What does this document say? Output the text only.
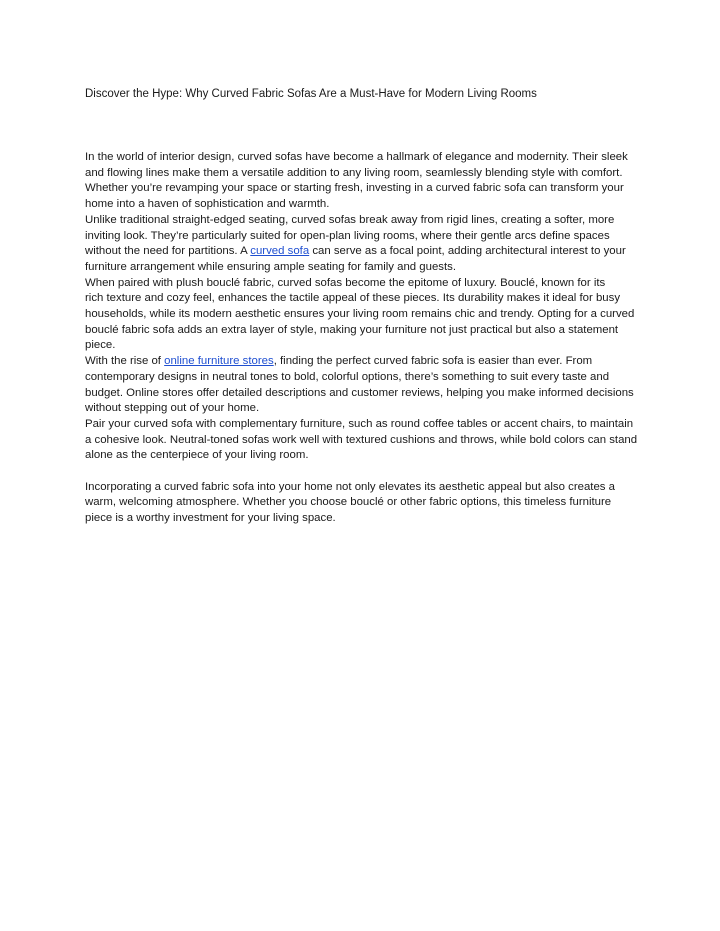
Discover the Hype: Why Curved Fabric Sofas Are a Must-Have for Modern Living Rooms

In the world of interior design, curved sofas have become a hallmark of elegance and modernity. Their sleek and flowing lines make them a versatile addition to any living room, seamlessly blending style with comfort. Whether you’re revamping your space or starting fresh, investing in a curved fabric sofa can transform your home into a haven of sophistication and warmth.

Unlike traditional straight-edged seating, curved sofas break away from rigid lines, creating a softer, more inviting look. They’re particularly suited for open-plan living rooms, where their gentle arcs define spaces without the need for partitions. A curved sofa can serve as a focal point, adding architectural interest to your furniture arrangement while ensuring ample seating for family and guests.

When paired with plush bouclé fabric, curved sofas become the epitome of luxury. Bouclé, known for its

rich texture and cozy feel, enhances the tactile appeal of these pieces. Its durability makes it ideal for busy households, while its modern aesthetic ensures your living room remains chic and trendy. Opting for a curved bouclé fabric sofa adds an extra layer of style, making your furniture not just practical but also a statement piece.

With the rise of online furniture stores, finding the perfect curved fabric sofa is easier than ever. From contemporary designs in neutral tones to bold, colorful options, there’s something to suit every taste and budget. Online stores offer detailed descriptions and customer reviews, helping you make informed decisions without stepping out of your home.

Pair your curved sofa with complementary furniture, such as round coffee tables or accent chairs, to maintain a cohesive look. Neutral-toned sofas work well with textured cushions and throws, while bold colors can stand alone as the centerpiece of your living room.

Incorporating a curved fabric sofa into your home not only elevates its aesthetic appeal but also creates a warm, welcoming atmosphere. Whether you choose bouclé or other fabric options, this timeless furniture piece is a worthy investment for your living space.
